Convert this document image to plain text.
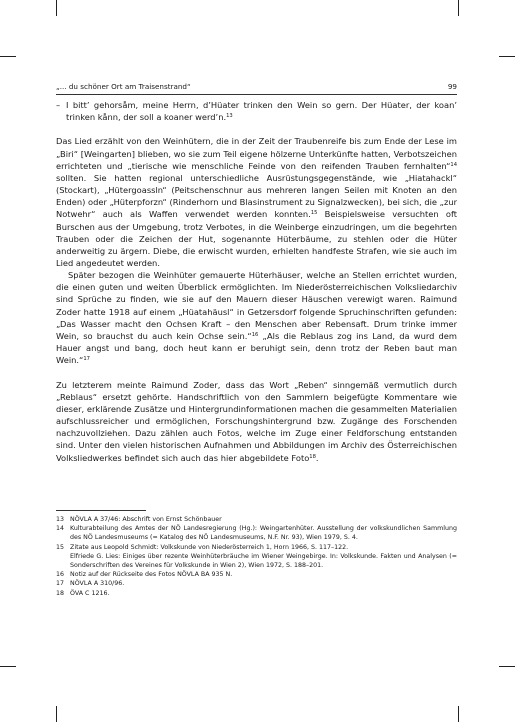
„... du schöner Ort am Traisenstrand“	99
– I bitt’ gehorsåm, meine Herrn, d’Hüater trinken den Wein so gern. Der Hüater, der koan’ trinken kånn, der soll a koaner werd’n.$^{13}$

Das Lied erzählt von den Weinhütern, die in der Zeit der Traubenreife bis zum Ende der Lese im „Biri“ [Weingarten] blieben, wo sie zum Teil eigene hölzerne Unterkünfte hatten, Verbotszeichen errichteten und „tierische wie menschliche Feinde von den reifenden Trauben fernhalten“$^{14}$ sollten. Sie hatten regional unterschiedliche Ausrüstungsgegenstände, wie „Hiatahackl“ (Stockart), „Hütergoassln“ (Peitschenschnur aus mehreren langen Seilen mit Knoten an den Enden) oder „Hüterpforzn“ (Rinderhorn und Blasinstrument zu Signalzwecken), bei sich, die „zur Notwehr“ auch als Waffen verwendet werden konnten.$^{15}$ Beispielsweise versuchten oft Burschen aus der Umgebung, trotz Verbotes, in die Weinberge einzudringen, um die begehrten Trauben oder die Zeichen der Hut, sogenannte Hüterbäume, zu stehlen oder die Hüter anderweitig zu ärgern. Diebe, die erwischt wurden, erhielten handfeste Strafen, wie sie auch im Lied angedeutet werden.

Später bezogen die Weinhüter gemauerte Hüterhäuser, welche an Stellen errichtet wurden, die einen guten und weiten Überblick ermöglichten. Im Niederösterreichischen Volksliedarchiv sind Sprüche zu finden, wie sie auf den Mauern dieser Häuschen verewigt waren. Raimund Zoder hatte 1918 auf einem „Hüatahäusl“ in Getzersdorf folgende Spruchinschriften gefunden: „Das Wasser macht den Ochsen Kraft – den Menschen aber Rebensaft. Drum trinke immer Wein, so brauchst du auch kein Ochse sein.“$^{16}$ „Als die Reblaus zog ins Land, da wurd dem Hauer angst und bang, doch heut kann er beruhigt sein, denn trotz der Reben baut man Wein.“$^{17}$

Zu letzterem meinte Raimund Zoder, dass das Wort „Reben“ sinngemäß vermutlich durch „Reblaus“ ersetzt gehörte. Handschriftlich von den Sammlern beigefügte Kommentare wie dieser, erklärende Zusätze und Hintergrundinformationen machen die gesammelten Materialien aufschlussreicher und ermöglichen, Forschungshintergrund bzw. Zugänge des Forschenden nachzuvollziehen. Dazu zählen auch Fotos, welche im Zuge einer Feldforschung entstanden sind. Unter den vielen historischen Aufnahmen und Abbildungen im Archiv des Österreichischen Volksliedwerkes befindet sich auch das hier abgebildete Foto$^{18}$.

13 NÖVLA A 37/46: Abschrift von Ernst Schönbauer
14 Kulturabteilung des Amtes der NÖ Landesregierung (Hg.): Weingartenhüter. Ausstellung der volkskundlichen Sammlung des NÖ Landesmuseums (= Katalog des NÖ Landesmuseums, N.F. Nr. 93), Wien 1979, S. 4.
15 Zitate aus Leopold Schmidt: Volkskunde von Niederösterreich 1, Horn 1966, S. 117–122.
Elfriede G. Lies: Einiges über rezente Weinhüterbräuche im Wiener Weingebirge. In: Volkskunde. Fakten und Analysen (= Sonderschriften des Vereines für Volkskunde in Wien 2), Wien 1972, S. 188–201.
16 Notiz auf der Rückseite des Fotos NÖVLA BA 935 N.
17 NÖVLA A 310/96.
18 ÖVA C 1216.
